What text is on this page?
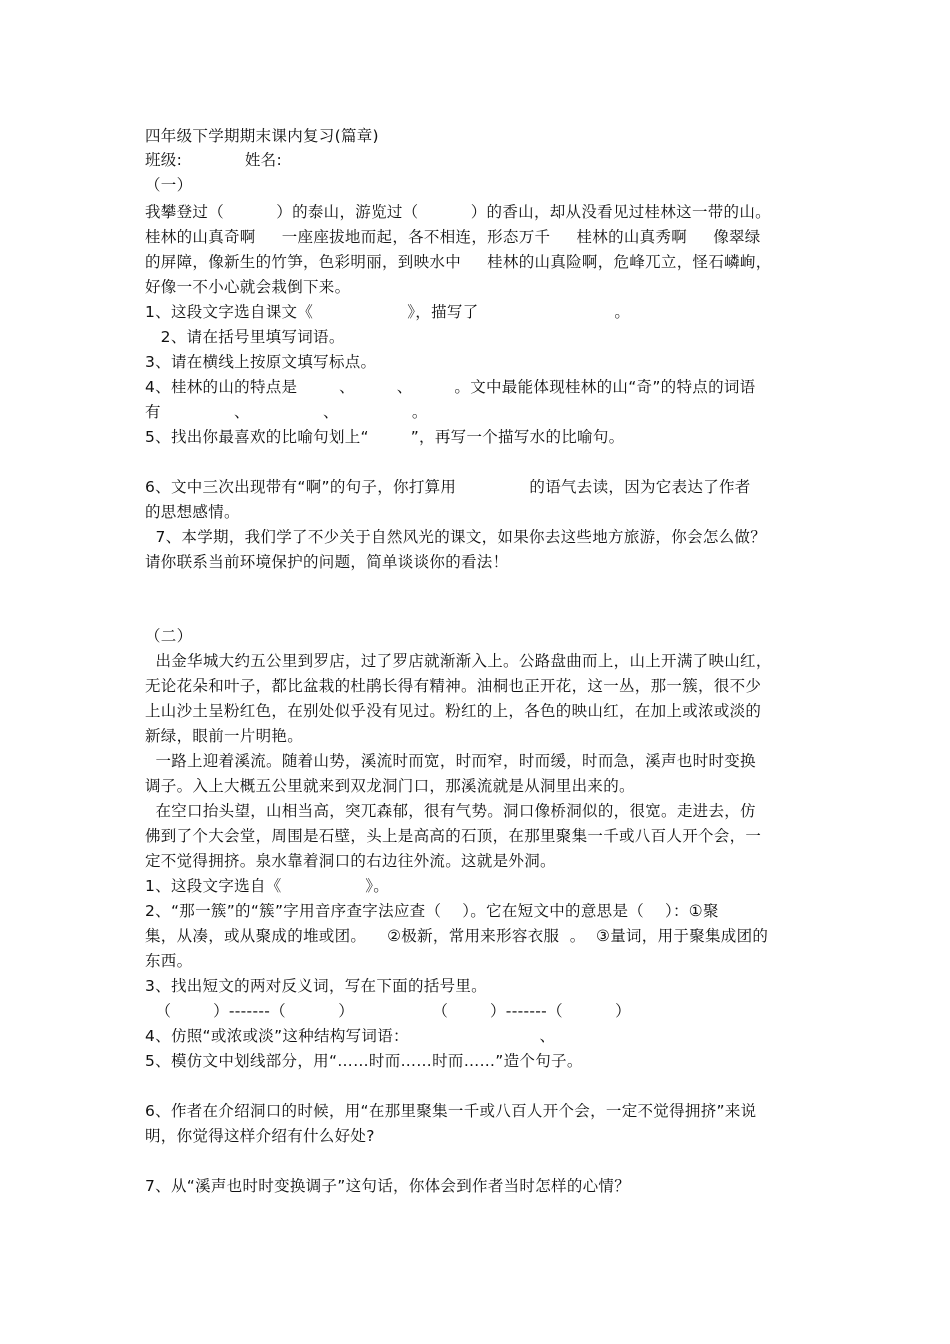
四年级下学期期末课内复习(篇章)
班级:            姓名:
（一）
我攀登过（          ）的泰山，游览过（          ）的香山，却从没看见过桂林这一带的山。
桂林的山真奇啊     一座座拔地而起，各不相连，形态万千     桂林的山真秀啊     像翠绿
的屏障，像新生的竹笋，色彩明丽，到映水中     桂林的山真险啊，危峰兀立，怪石嶙峋，
好像一不小心就会栽倒下来。
1、这段文字选自课文《                  》，描写了                          。
2、请在括号里填写词语。
3、请在横线上按原文填写标点。
4、桂林的山的特点是        、        、        。文中最能体现桂林的山“奇”的特点的词语
有              、              、              。
5、找出你最喜欢的比喻句划上“        ”，再写一个描写水的比喻句。
6、文中三次出现带有“啊”的句子，你打算用              的语气去读，因为它表达了作者
的思想感情。
7、本学期，我们学了不少关于自然风光的课文，如果你去这些地方旅游，你会怎么做？
请你联系当前环境保护的问题，简单谈谈你的看法！
（二）
出金华城大约五公里到罗店，过了罗店就渐渐入上。公路盘曲而上，山上开满了映山红，
无论花朵和叶子，都比盆栽的杜鹃长得有精神。油桐也正开花，这一丛，那一簇，很不少
上山沙土呈粉红色，在别处似乎没有见过。粉红的上，各色的映山红，在加上或浓或淡的
新绿，眼前一片明艳。
一路上迎着溪流。随着山势，溪流时而宽，时而窄，时而缓，时而急，溪声也时时变换
调子。入上大概五公里就来到双龙洞门口，那溪流就是从洞里出来的。
在空口抬头望，山相当高，突兀森郁，很有气势。洞口像桥洞似的，很宽。走进去，仿
佛到了个大会堂，周围是石壁，头上是高高的石顶，在那里聚集一千或八百人开个会，一
定不觉得拥挤。泉水靠着洞口的右边往外流。这就是外洞。
1、这段文字选自《                》。
2、“那一簇”的“簇”字用音序查字法应查（    ）。它在短文中的意思是（    ）：①聚
集，从凑，或从聚成的堆或团。    ②极新，常用来形容衣服  。  ③量词，用于聚集成团的
东西。
3、找出短文的两对反义词，写在下面的括号里。
（        ）-------（          ）               （        ）-------（          ）
4、仿照“或浓或淡”这种结构写词语：                         、
5、模仿文中划线部分，用“……时而……时而……”造个句子。
6、作者在介绍洞口的时候，用“在那里聚集一千或八百人开个会，一定不觉得拥挤”来说
明，你觉得这样介绍有什么好处?
7、从“溪声也时时变换调子”这句话，你体会到作者当时怎样的心情？
